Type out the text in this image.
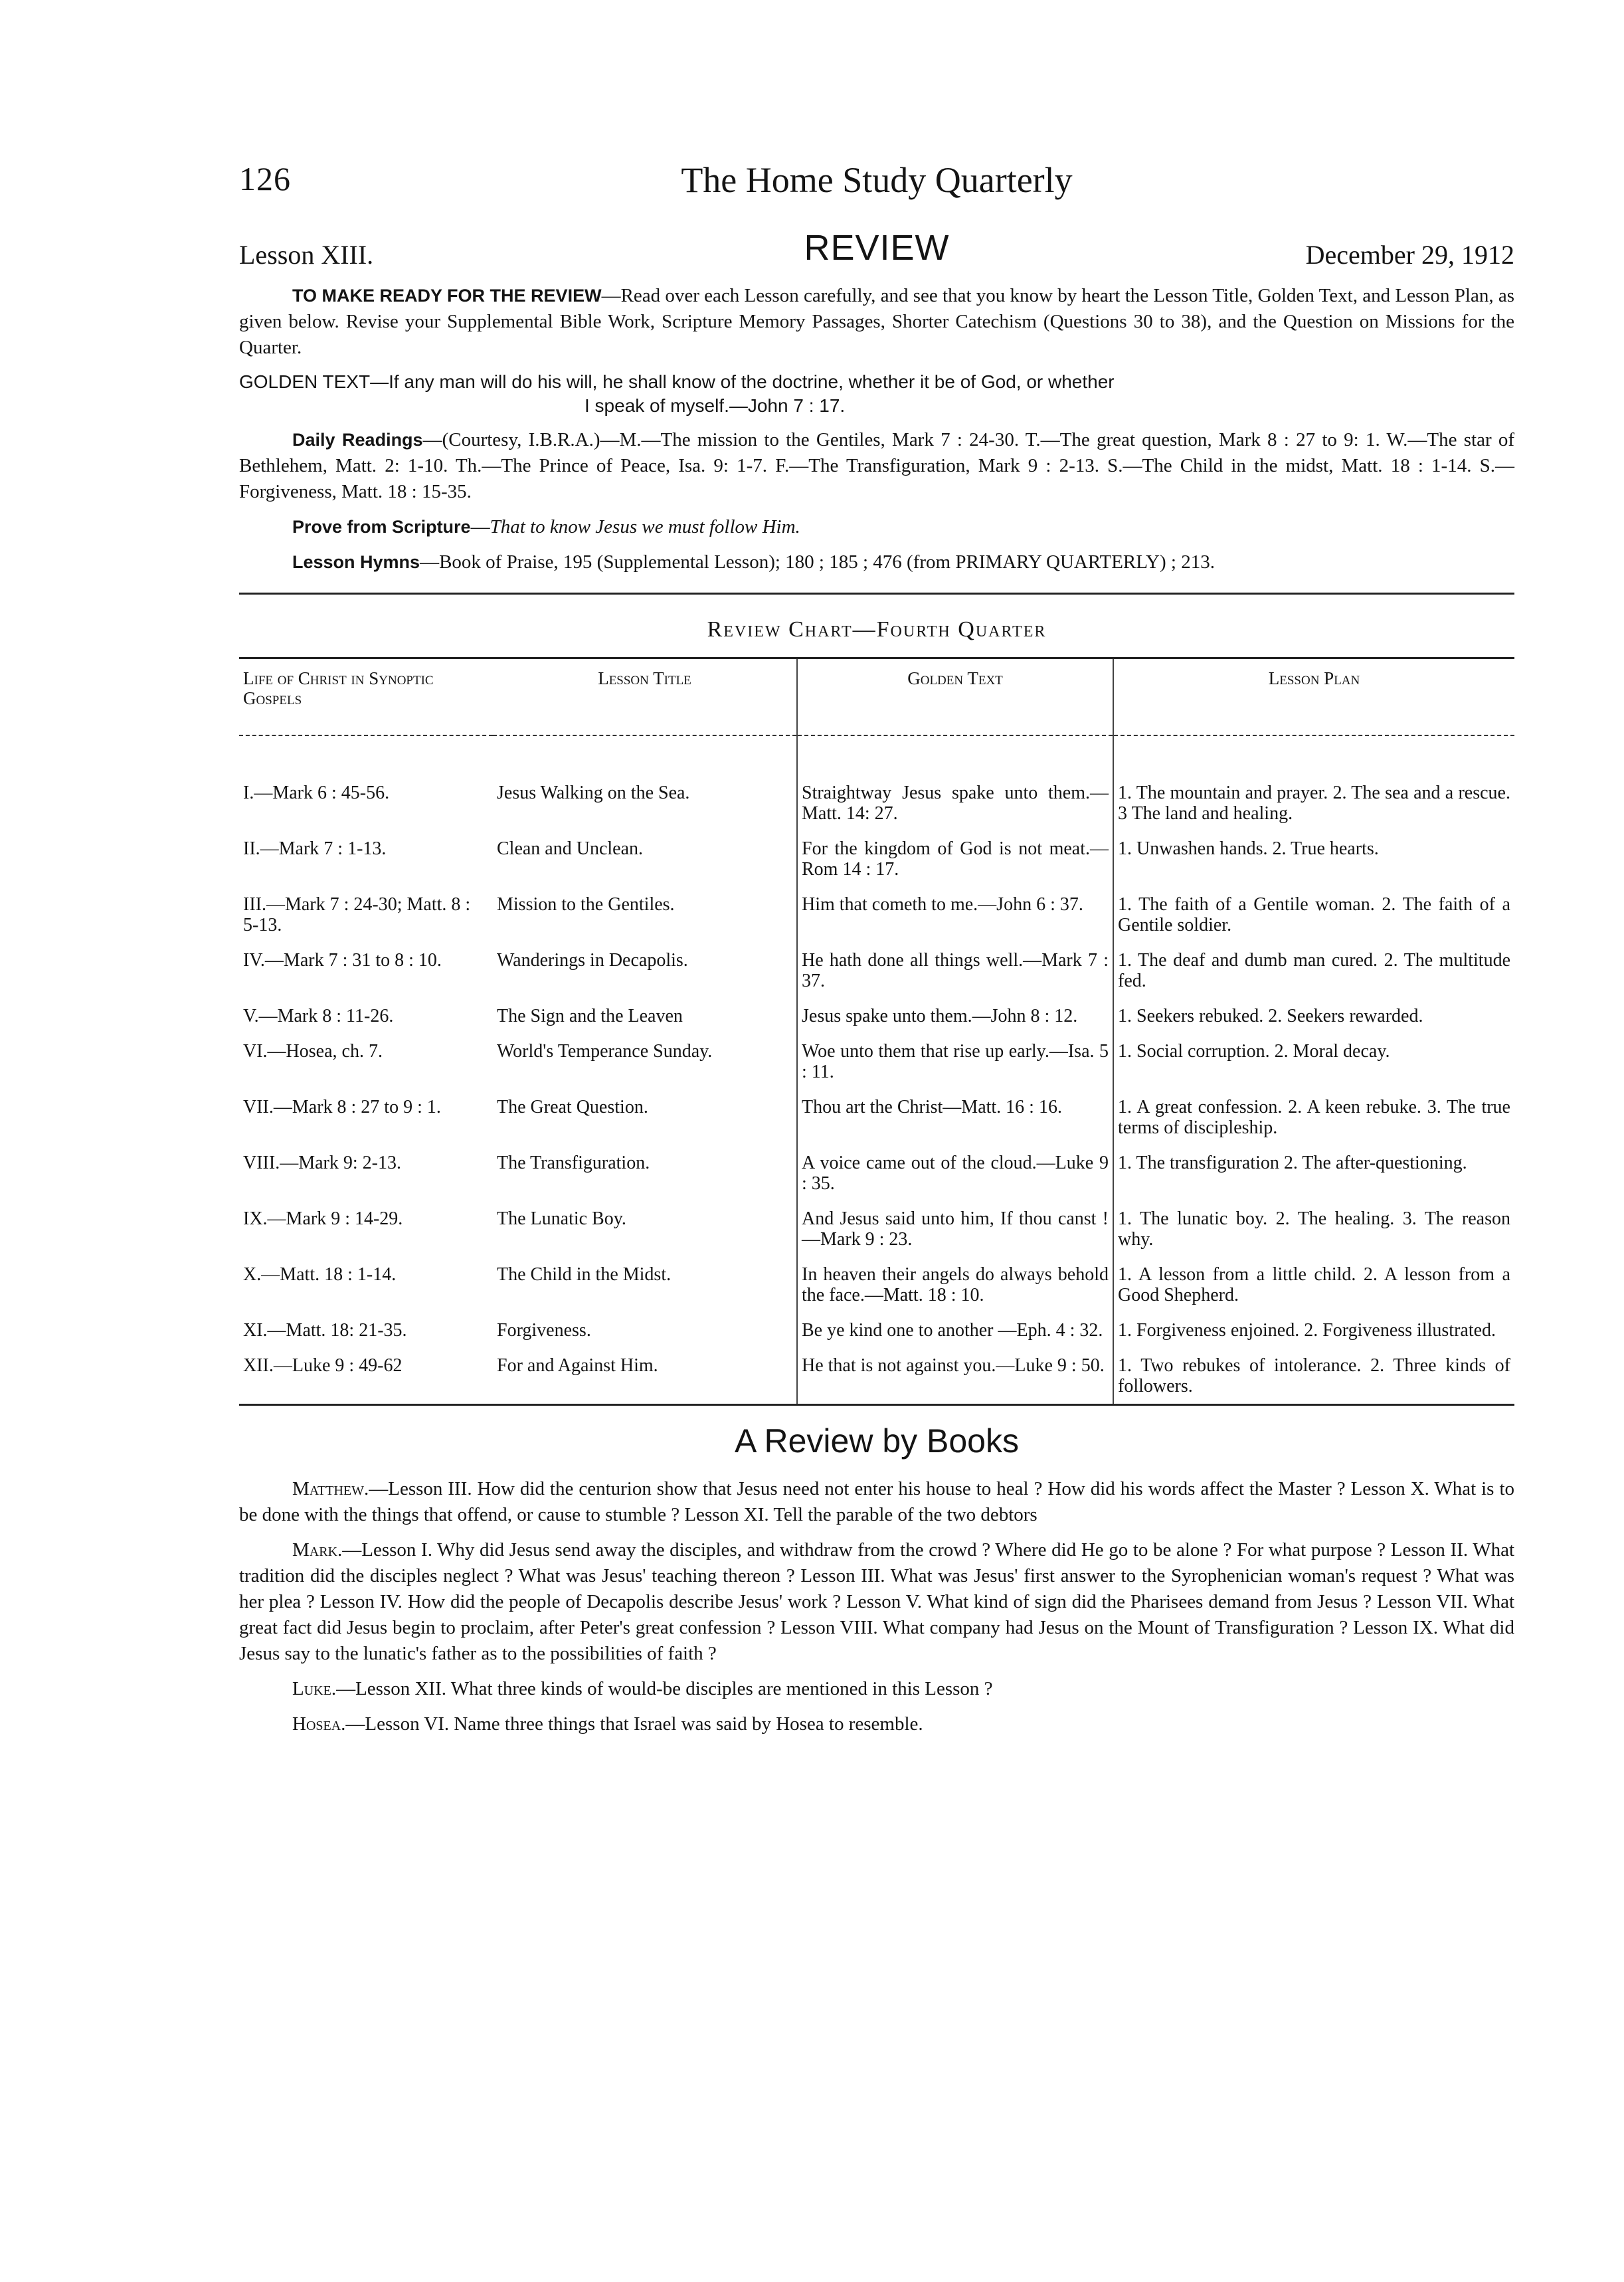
126	The Home Study Quarterly
Lesson XIII.	REVIEW	December 29, 1912

TO MAKE READY FOR THE REVIEW—Read over each Lesson carefully, and see that you know by heart the Lesson Title, Golden Text, and Lesson Plan, as given below. Revise your Supplemental Bible Work, Scripture Memory Passages, Shorter Catechism (Questions 30 to 38), and the Question on Missions for the Quarter.

GOLDEN TEXT—If any man will do his will, he shall know of the doctrine, whether it be of God, or whether
I speak of myself.—John 7 : 17.

Daily Readings—(Courtesy, I.B.R.A.)—M.—The mission to the Gentiles, Mark 7 : 24-30. T.—The great question, Mark 8 : 27 to 9: 1. W.—The star of Bethlehem, Matt. 2: 1-10. Th.—The Prince of Peace, Isa. 9: 1-7. F.—The Transfiguration, Mark 9 : 2-13. S.—The Child in the midst, Matt. 18 : 1-14. S.—Forgiveness, Matt. 18 : 15-35.

Prove from Scripture—That to know Jesus we must follow Him.

Lesson Hymns—Book of Praise, 195 (Supplemental Lesson); 180 ; 185 ; 476 (from PRIMARY QUARTERLY) ; 213.

Review Chart—Fourth Quarter
Life of Christ in Synoptic Gospels	Lesson Title	Golden Text	Lesson Plan
I.—Mark 6 : 45-56.	Jesus Walking on the Sea.	Straightway Jesus spake unto them.—Matt. 14: 27.	1. The mountain and prayer. 2. The sea and a rescue. 3 The land and healing.
II.—Mark 7 : 1-13.	Clean and Unclean.	For the kingdom of God is not meat.—Rom 14 : 17.	1. Unwashen hands. 2. True hearts.
III.—Mark 7 : 24-30; Matt. 8 : 5-13.	Mission to the Gentiles.	Him that cometh to me.—John 6 : 37.	1. The faith of a Gentile woman. 2. The faith of a Gentile soldier.
IV.—Mark 7 : 31 to 8 : 10.	Wanderings in Decapolis.	He hath done all things well.—Mark 7 : 37.	1. The deaf and dumb man cured. 2. The multitude fed.
V.—Mark 8 : 11-26.	The Sign and the Leaven	Jesus spake unto them.—John 8 : 12.	1. Seekers rebuked. 2. Seekers rewarded.
VI.—Hosea, ch. 7.	World's Temperance Sunday.	Woe unto them that rise up early.—Isa. 5 : 11.	1. Social corruption. 2. Moral decay.
VII.—Mark 8 : 27 to 9 : 1.	The Great Question.	Thou art the Christ—Matt. 16 : 16.	1. A great confession. 2. A keen rebuke. 3. The true terms of discipleship.
VIII.—Mark 9: 2-13.	The Transfiguration.	A voice came out of the cloud.—Luke 9 : 35.	1. The transfiguration 2. The after-questioning.
IX.—Mark 9 : 14-29.	The Lunatic Boy.	And Jesus said unto him, If thou canst !—Mark 9 : 23.	1. The lunatic boy. 2. The healing. 3. The reason why.
X.—Matt. 18 : 1-14.	The Child in the Midst.	In heaven their angels do always behold the face.—Matt. 18 : 10.	1. A lesson from a little child. 2. A lesson from a Good Shepherd.
XI.—Matt. 18: 21-35.	Forgiveness.	Be ye kind one to another —Eph. 4 : 32.	1. Forgiveness enjoined. 2. Forgiveness illustrated.
XII.—Luke 9 : 49-62	For and Against Him.	He that is not against you.—Luke 9 : 50.	1. Two rebukes of intolerance. 2. Three kinds of followers.
A Review by Books

Matthew.—Lesson III. How did the centurion show that Jesus need not enter his house to heal ? How did his words affect the Master ? Lesson X. What is to be done with the things that offend, or cause to stumble ? Lesson XI. Tell the parable of the two debtors

Mark.—Lesson I. Why did Jesus send away the disciples, and withdraw from the crowd ? Where did He go to be alone ? For what purpose ? Lesson II. What tradition did the disciples neglect ? What was Jesus' teaching thereon ? Lesson III. What was Jesus' first answer to the Syrophenician woman's request ? What was her plea ? Lesson IV. How did the people of Decapolis describe Jesus' work ? Lesson V. What kind of sign did the Pharisees demand from Jesus ? Lesson VII. What great fact did Jesus begin to proclaim, after Peter's great confession ? Lesson VIII. What company had Jesus on the Mount of Transfiguration ? Lesson IX. What did Jesus say to the lunatic's father as to the possibilities of faith ?

Luke.—Lesson XII. What three kinds of would-be disciples are mentioned in this Lesson ?

Hosea.—Lesson VI. Name three things that Israel was said by Hosea to resemble.
